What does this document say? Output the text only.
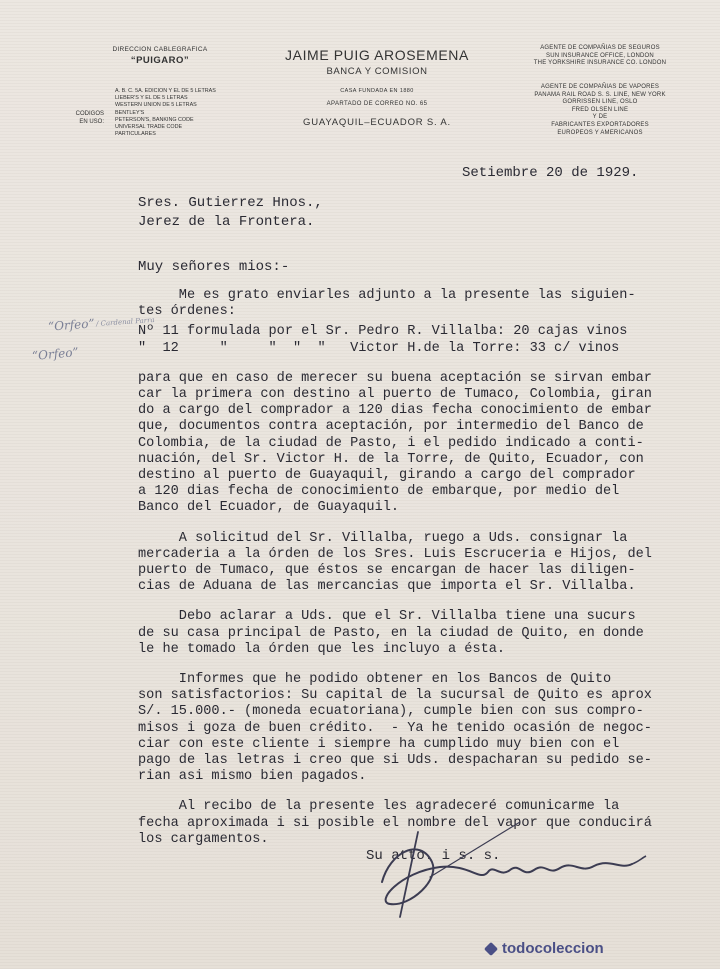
DIRECCION CABLEGRAFICA
“PUIGARO”
CODIGOS
EN USO:
A. B. C. 5A. EDICION Y EL DE 5 LETRAS
LIEBER'S Y EL DE 5 LETRAS
WESTERN UNION DE 5 LETRAS
BENTLEY'S
PETERSON'S, BANKING CODE
UNIVERSAL TRADE CODE
PARTICULARES
JAIME PUIG AROSEMENA
BANCA Y COMISION
CASA FUNDADA EN 1880
APARTADO DE CORREO NO. 65
GUAYAQUIL–ECUADOR S. A.
AGENTE DE COMPAÑIAS DE SEGUROS
SUN INSURANCE OFFICE, LONDON
THE YORKSHIRE INSURANCE CO. LONDON
AGENTE DE COMPAÑIAS DE VAPORES
PANAMA RAIL ROAD S. S. LINE, NEW YORK
GORRISSEN LINE, OSLO
FRED OLSEN LINE
Y DE
FABRICANTES EXPORTADORES
EUROPEOS Y AMERICANOS
Setiembre 20 de 1929.
Sres. Gutierrez Hnos.,
Jerez de la Frontera.
Muy señores mios:-

Me es grato enviarles adjunto a la presente las siguien-
tes órdenes:

Nº 11 formulada por el Sr. Pedro R. Villalba: 20 cajas vinos
"  12     "     "  "  "   Victor H.de la Torre: 33 c/ vinos

para que en caso de merecer su buena aceptación se sirvan embar
car la primera con destino al puerto de Tumaco, Colombia, giran
do a cargo del comprador a 120 dias fecha conocimiento de embar
que, documentos contra aceptación, por intermedio del Banco de
Colombia, de la ciudad de Pasto, i el pedido indicado a conti-
nuación, del Sr. Victor H. de la Torre, de Quito, Ecuador, con
destino al puerto de Guayaquil, girando a cargo del comprador
a 120 dias fecha de conocimiento de embarque, por medio del
Banco del Ecuador, de Guayaquil.

A solicitud del Sr. Villalba, ruego a Uds. consignar la
mercaderia a la órden de los Sres. Luis Escruceria e Hijos, del
puerto de Tumaco, que éstos se encargan de hacer las diligen-
cias de Aduana de las mercancias que importa el Sr. Villalba.

Debo aclarar a Uds. que el Sr. Villalba tiene una sucurs
de su casa principal de Pasto, en la ciudad de Quito, en donde
le he tomado la órden que les incluyo a ésta.

Informes que he podido obtener en los Bancos de Quito
son satisfactorios: Su capital de la sucursal de Quito es aprox
S/. 15.000.- (moneda ecuatoriana), cumple bien con sus compro-
misos i goza de buen crédito.  - Ya he tenido ocasión de negoc-
ciar con este cliente i siempre ha cumplido muy bien con el
pago de las letras i creo que si Uds. despacharan su pedido se-
rian asi mismo bien pagados.

Al recibo de la presente les agradeceré comunicarme la
fecha aproximada i si posible el nombre del vapor que conducirá
los cargamentos.

Su atto. i s. s.
“Orfeo” / Cardenal Parra
“Orfeo”
todocoleccion
